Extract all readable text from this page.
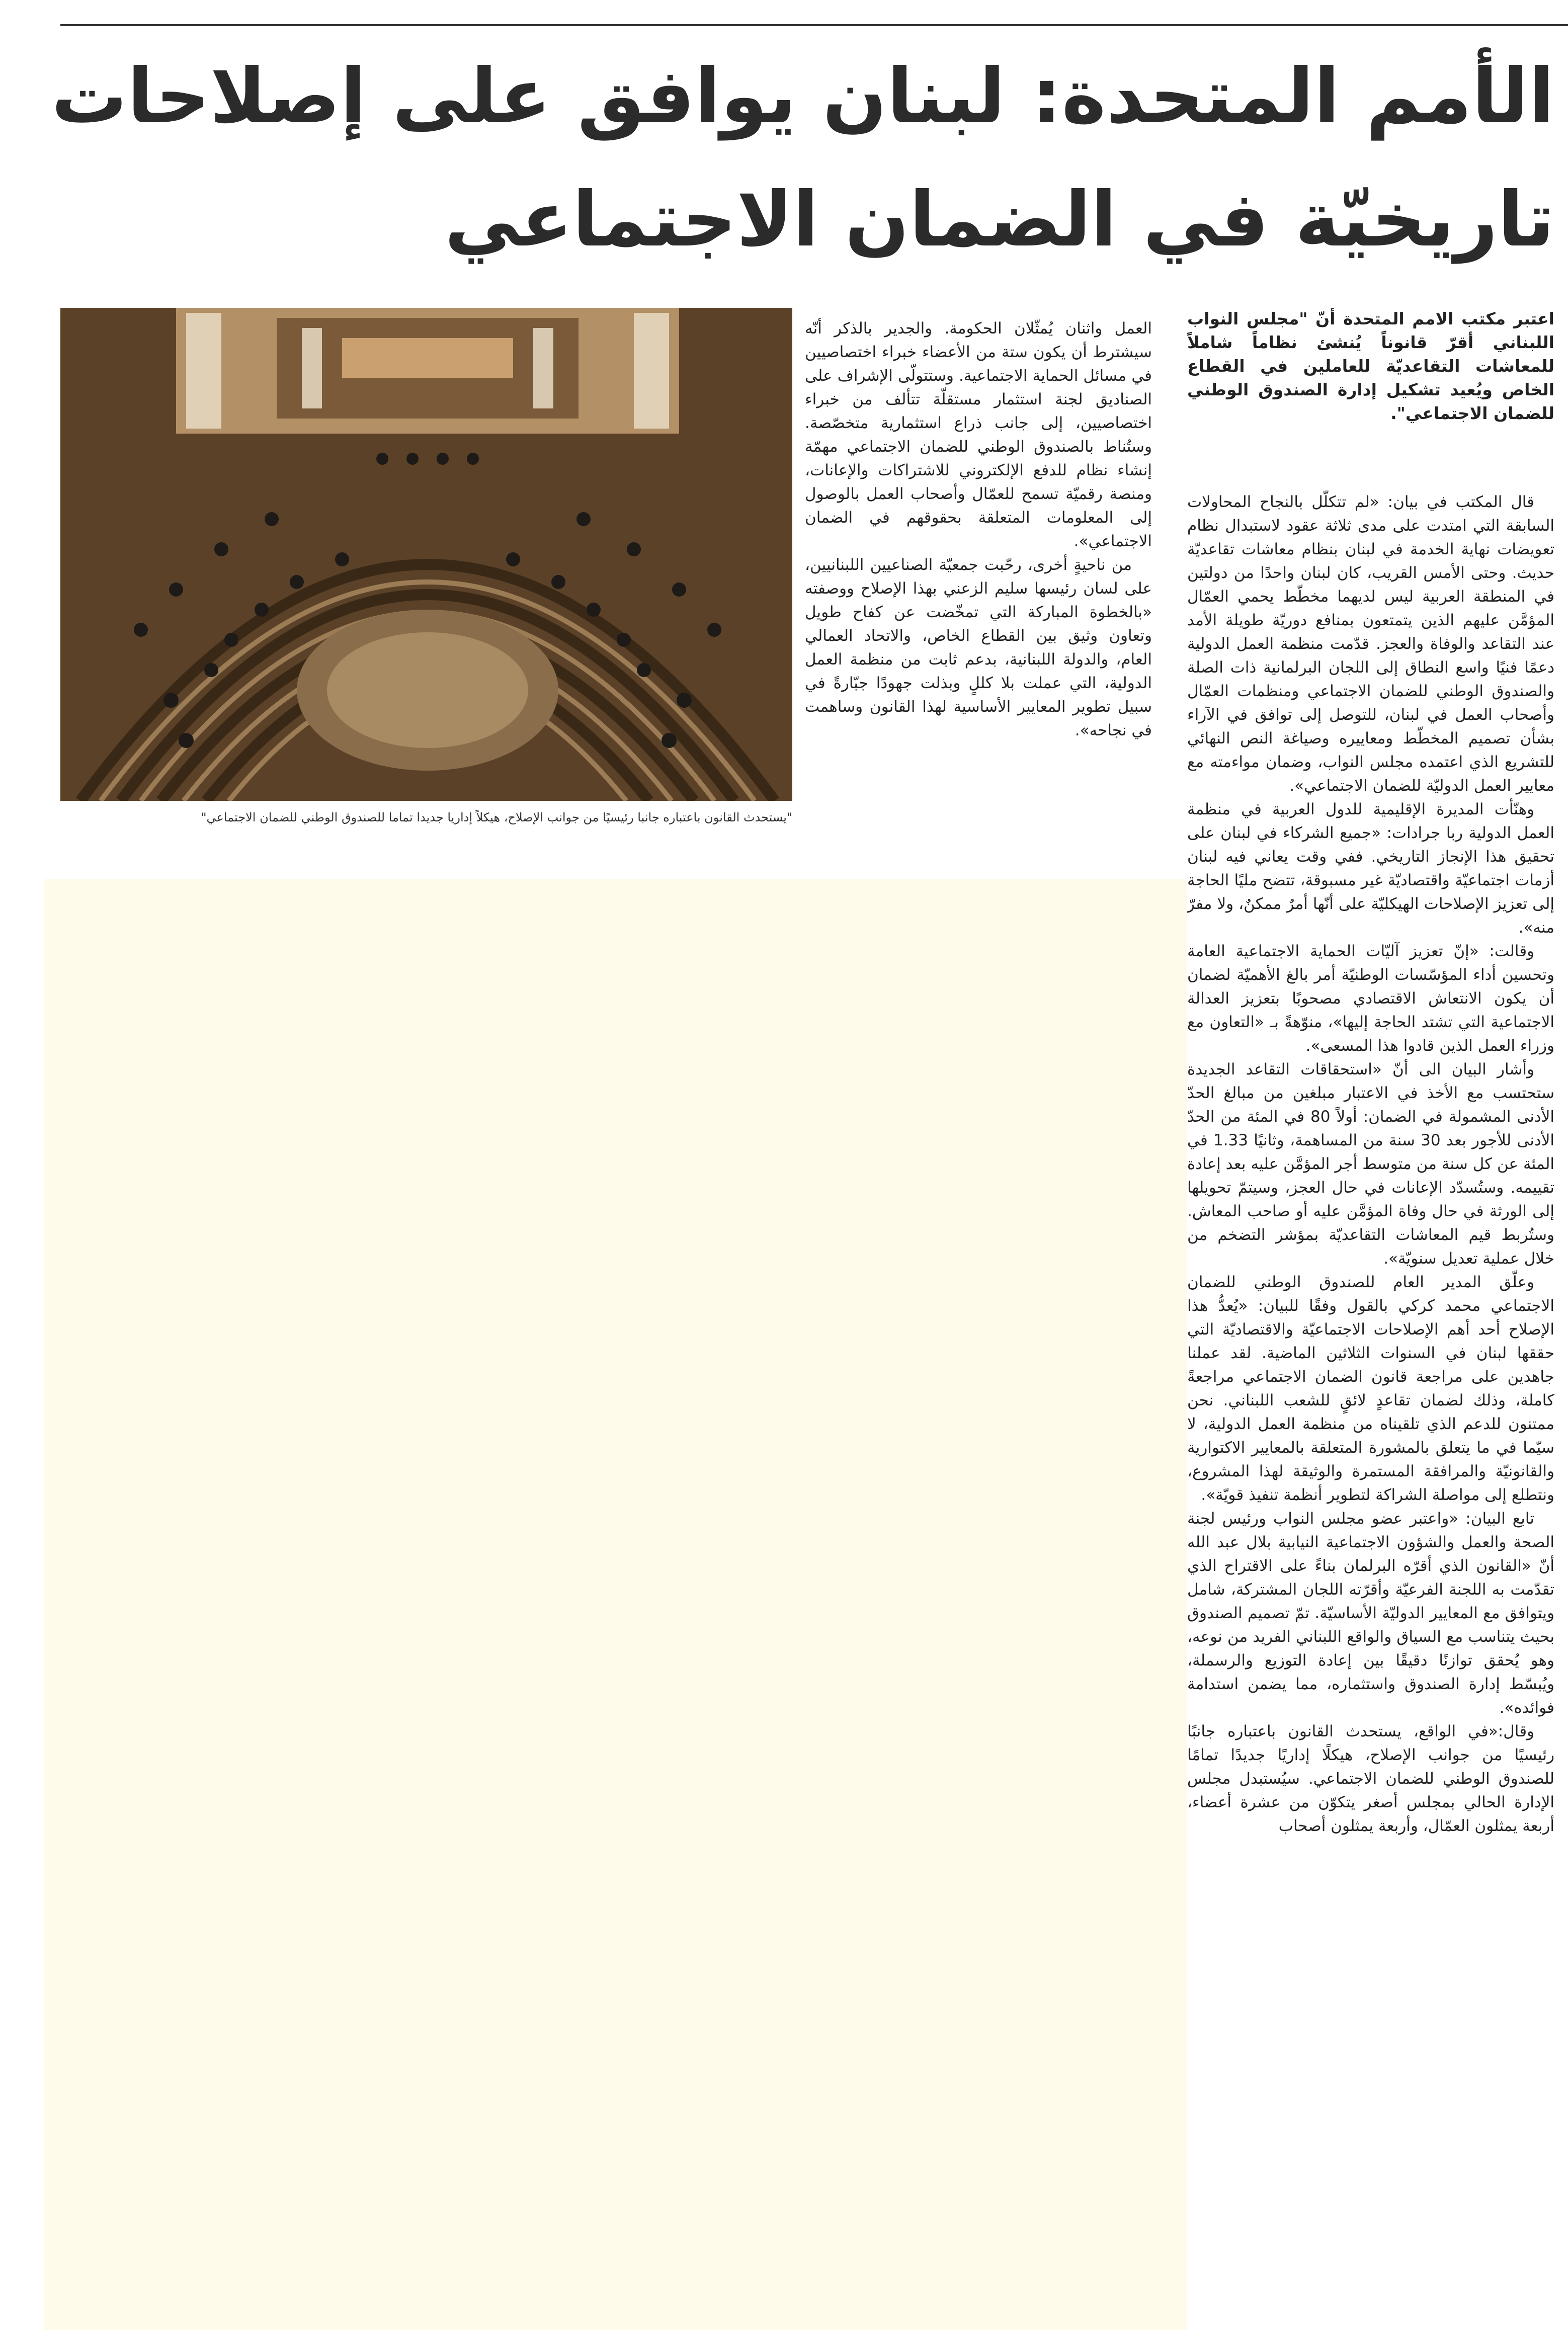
الأمم المتحدة: لبنان يوافق على إصلاحات
تاريخيّة في الضمان الاجتماعي

اعتبر مكتب الامم المتحدة أنّ "مجلس النواب اللبناني أقرّ قانوناً يُنشئ نظاماً شاملاً للمعاشات التقاعديّة للعاملين في القطاع الخاص ويُعيد تشكيل إدارة الصندوق الوطني للضمان الاجتماعي".

قال المكتب في بيان: «لم تتكلّل بالنجاح المحاولات السابقة التي امتدت على مدى ثلاثة عقود لاستبدال نظام تعويضات نهاية الخدمة في لبنان بنظام معاشات تقاعديّة حديث. وحتى الأمس القريب، كان لبنان واحدًا من دولتين في المنطقة العربية ليس لديهما مخطّط يحمي العمّال المؤمَّن عليهم الذين يتمتعون بمنافع دوريّة طويلة الأمد عند التقاعد والوفاة والعجز. قدّمت منظمة العمل الدولية دعمًا فنيًا واسع النطاق إلى اللجان البرلمانية ذات الصلة والصندوق الوطني للضمان الاجتماعي ومنظمات العمّال وأصحاب العمل في لبنان، للتوصل إلى توافق في الآراء بشأن تصميم المخطّط ومعاييره وصياغة النص النهائي للتشريع الذي اعتمده مجلس النواب، وضمان مواءمته مع معايير العمل الدوليّة للضمان الاجتماعي».

وهنّأت المديرة الإقليمية للدول العربية في منظمة العمل الدولية ربا جرادات: «جميع الشركاء في لبنان على تحقيق هذا الإنجاز التاريخي. ففي وقت يعاني فيه لبنان أزمات اجتماعيّة واقتصاديّة غير مسبوقة، تتضح مليًا الحاجة إلى تعزيز الإصلاحات الهيكليّة على أنّها أمرٌ ممكنٌ، ولا مفرّ منه».

وقالت: «إنّ تعزيز آليّات الحماية الاجتماعية العامة وتحسين أداء المؤسّسات الوطنيّة أمر بالغ الأهميّة لضمان أن يكون الانتعاش الاقتصادي مصحوبًا بتعزيز العدالة الاجتماعية التي تشتد الحاجة إليها»، منوّهةً بـ «التعاون مع وزراء العمل الذين قادوا هذا المسعى».

وأشار البيان الى أنّ «استحقاقات التقاعد الجديدة ستحتسب مع الأخذ في الاعتبار مبلغين من مبالغ الحدّ الأدنى المشمولة في الضمان: أولاً 80 في المئة من الحدّ الأدنى للأجور بعد 30 سنة من المساهمة، وثانيًا 1.33 في المئة عن كل سنة من متوسط أجر المؤمَّن عليه بعد إعادة تقييمه. وستُسدّد الإعانات في حال العجز، وسيتمّ تحويلها إلى الورثة في حال وفاة المؤمَّن عليه أو صاحب المعاش. وستُربط قيم المعاشات التقاعديّة بمؤشر التضخم من خلال عملية تعديل سنويّة».

وعلّق المدير العام للصندوق الوطني للضمان الاجتماعي محمد كركي بالقول وفقًا للبيان: «يُعدُّ هذا الإصلاح أحد أهم الإصلاحات الاجتماعيّة والاقتصاديّة التي حققها لبنان في السنوات الثلاثين الماضية. لقد عملنا جاهدين على مراجعة قانون الضمان الاجتماعي مراجعةً كاملة، وذلك لضمان تقاعدٍ لائقٍ للشعب اللبناني. نحن ممتنون للدعم الذي تلقيناه من منظمة العمل الدولية، لا سيّما في ما يتعلق بالمشورة المتعلقة بالمعايير الاكتوارية والقانونيّة والمرافقة المستمرة والوثيقة لهذا المشروع، ونتطلع إلى مواصلة الشراكة لتطوير أنظمة تنفيذ قويّة».

تابع البيان: «واعتبر عضو مجلس النواب ورئيس لجنة الصحة والعمل والشؤون الاجتماعية النيابية بلال عبد الله أنّ «القانون الذي أقرّه البرلمان بناءً على الاقتراح الذي تقدّمت به اللجنة الفرعيّة وأقرّته اللجان المشتركة، شامل ويتوافق مع المعايير الدوليّة الأساسيّة. تمّ تصميم الصندوق بحيث يتناسب مع السياق والواقع اللبناني الفريد من نوعه، وهو يُحقق توازنًا دقيقًا بين إعادة التوزيع والرسملة، ويُبسّط إدارة الصندوق واستثماره، مما يضمن استدامة فوائده».

وقال:«في الواقع، يستحدث القانون باعتباره جانبًا رئيسيًا من جوانب الإصلاح، هيكلًا إداريًا جديدًا تمامًا للصندوق الوطني للضمان الاجتماعي. سيُستبدل مجلس الإدارة الحالي بمجلس أصغر يتكوّن من عشرة أعضاء، أربعة يمثلون العمّال، وأربعة يمثلون أصحاب

العمل واثنان يُمثّلان الحكومة. والجدير بالذكر أنّه سيشترط أن يكون ستة من الأعضاء خبراء اختصاصيين في مسائل الحماية الاجتماعية. وستتولّى الإشراف على الصناديق لجنة استثمار مستقلّة تتألف من خبراء اختصاصيين، إلى جانب ذراع استثمارية متخصّصة. وستُناط بالصندوق الوطني للضمان الاجتماعي مهمّة إنشاء نظام للدفع الإلكتروني للاشتراكات والإعانات، ومنصة رقميّة تسمح للعمّال وأصحاب العمل بالوصول إلى المعلومات المتعلقة بحقوقهم في الضمان الاجتماعي».

من ناحيةٍ أخرى، رحّبت جمعيّة الصناعيين اللبنانيين، على لسان رئيسها سليم الزعني بهذا الإصلاح ووصفته «بالخطوة المباركة التي تمخّضت عن كفاح طويل وتعاون وثيق بين القطاع الخاص، والاتحاد العمالي العام، والدولة اللبنانية، بدعم ثابت من منظمة العمل الدولية، التي عملت بلا كللٍ وبذلت جهودًا جبّارةً في سبيل تطوير المعايير الأساسية لهذا القانون وساهمت في نجاحه».

"يستحدث القانون باعتباره جانبا رئيسيًا من جوانب الإصلاح، هيكلاً إداريا جديدا تماما للصندوق الوطني للضمان الاجتماعي"
